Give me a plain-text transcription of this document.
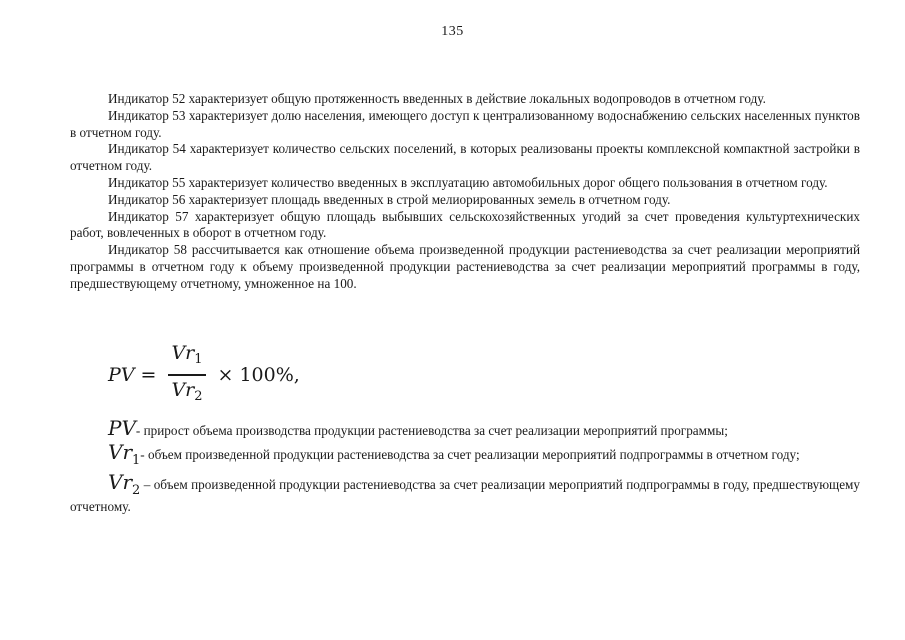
135

Индикатор 52 характеризует общую протяженность введенных в действие локальных водопроводов в отчетном году.

Индикатор 53 характеризует долю населения, имеющего доступ к централизованному водоснабжению сельских населенных пунктов в отчетном году.

Индикатор 54 характеризует количество сельских поселений, в которых реализованы проекты комплексной компактной застройки в отчетном году.

Индикатор 55 характеризует количество введенных в эксплуатацию автомобильных дорог общего пользования в отчетном году.

Индикатор 56 характеризует площадь введенных в строй мелиорированных земель в отчетном году.

Индикатор 57 характеризует общую площадь выбывших сельскохозяйственных угодий за счет проведения культуртехнических работ, вовлеченных в оборот в отчетном году.

Индикатор 58 рассчитывается как отношение объема произведенной продукции растениеводства за счет реализации мероприятий программы в отчетном году к объему произведенной продукции растениеводства за счет реализации мероприятий программы в году, предшествующему отчетному, умноженное на 100.

PV = $\frac{Vr_1}{Vr_2} \times 100\%$,

PV- прирост объема производства продукции растениеводства за счет реализации мероприятий программы;

$Vr_1-$ объем произведенной продукции растениеводства за счет реализации мероприятий подпрограммы в отчетном году;

$Vr_2$ – объем произведенной продукции растениеводства за счет реализации мероприятий подпрограммы в году, предшествующему отчетному.
